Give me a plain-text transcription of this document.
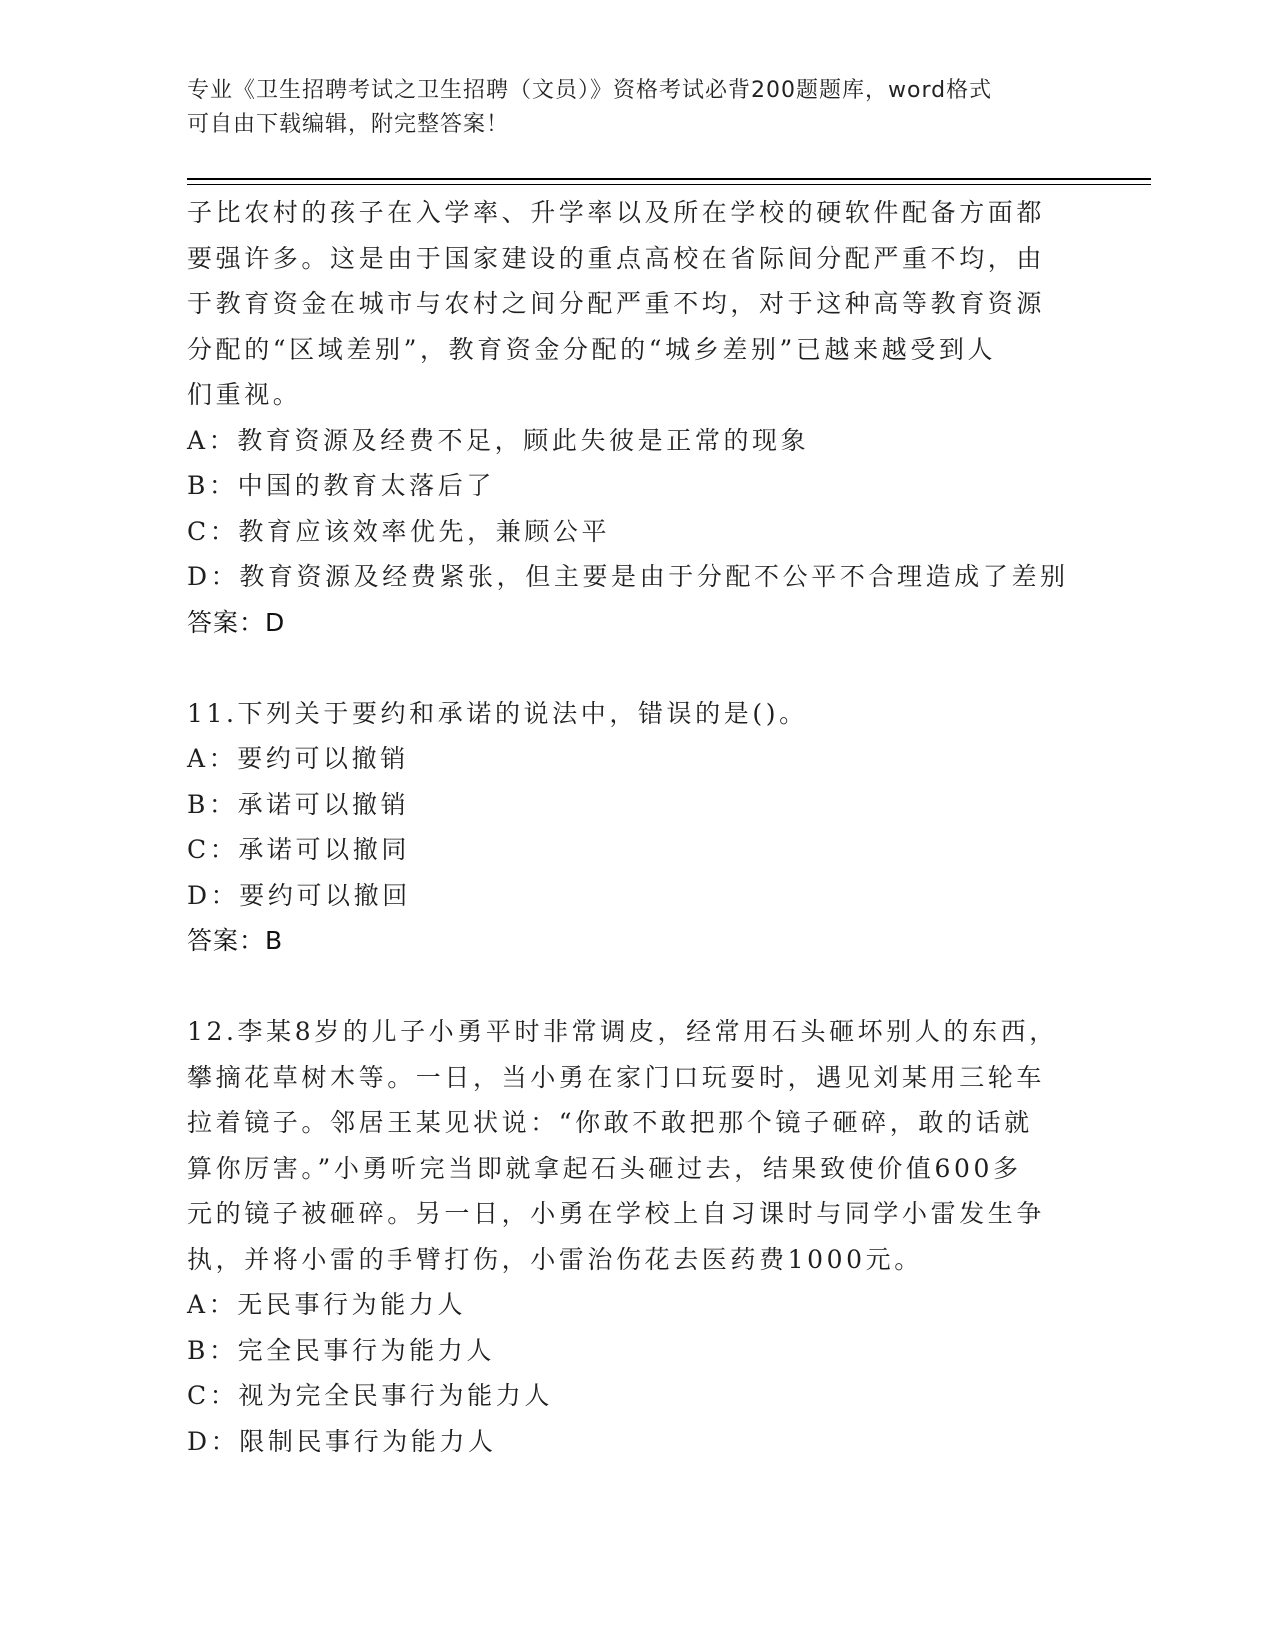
专业《卫生招聘考试之卫生招聘（文员）》资格考试必背200题题库，word格式
可自由下载编辑，附完整答案！
子比农村的孩子在入学率、升学率以及所在学校的硬软件配备方面都
要强许多。这是由于国家建设的重点高校在省际间分配严重不均，由
于教育资金在城市与农村之间分配严重不均，对于这种高等教育资源
分配的“区域差别”，教育资金分配的“城乡差别”已越来越受到人
们重视。
A：教育资源及经费不足，顾此失彼是正常的现象
B：中国的教育太落后了
C：教育应该效率优先，兼顾公平
D：教育资源及经费紧张，但主要是由于分配不公平不合理造成了差别
答案：D
11.下列关于要约和承诺的说法中，错误的是()。
A：要约可以撤销
B：承诺可以撤销
C：承诺可以撤同
D：要约可以撤回
答案：B
12.李某8岁的儿子小勇平时非常调皮，经常用石头砸坏别人的东西，
攀摘花草树木等。一日，当小勇在家门口玩耍时，遇见刘某用三轮车
拉着镜子。邻居王某见状说：“你敢不敢把那个镜子砸碎，敢的话就
算你厉害。”小勇听完当即就拿起石头砸过去，结果致使价值600多
元的镜子被砸碎。另一日，小勇在学校上自习课时与同学小雷发生争
执，并将小雷的手臂打伤，小雷治伤花去医药费1000元。
A：无民事行为能力人
B：完全民事行为能力人
C：视为完全民事行为能力人
D：限制民事行为能力人
